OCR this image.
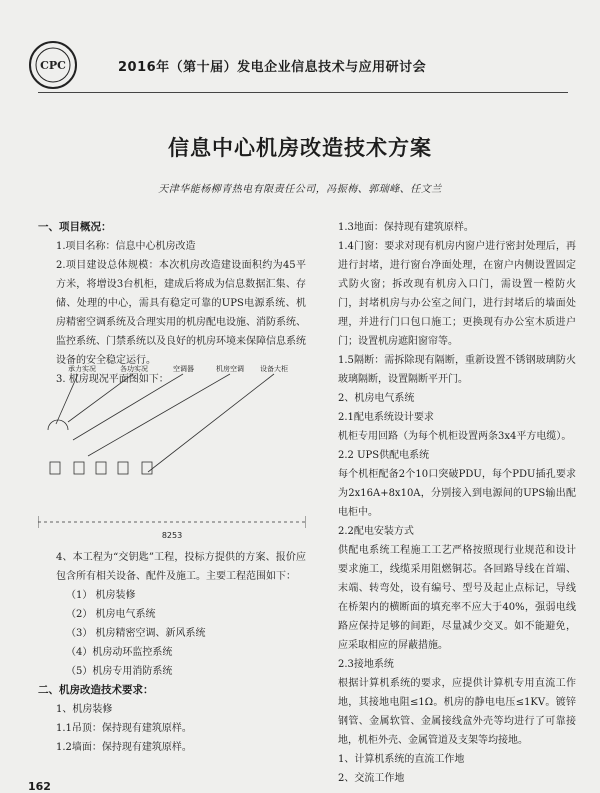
CPC	2016年（第十届）发电企业信息技术与应用研讨会
信息中心机房改造技术方案
天津华能杨柳青热电有限责任公司，冯振梅、郭瑞峰、任文兰
一、项目概况：
1.项目名称：信息中心机房改造
2.项目建设总体规模：本次机房改造建设面积约为45平方米，将增设3台机柜，建成后将成为信息数据汇集、存储、处理的中心，需具有稳定可靠的UPS电源系统、机房精密空调系统及合理实用的机房配电设施、消防系统、监控系统、门禁系统以及良好的机房环境来保障信息系统设备的安全稳定运行。
3. 机房现况平面图如下：
承力实况	各功实况	空调器	机房空调 设备大柜
8253
4、本工程为“交钥匙”工程，投标方提供的方案、报价应包含所有相关设备、配件及施工。主要工程范围如下：
（1） 机房装修
（2） 机房电气系统
（3） 机房精密空调、新风系统
（4）机房动环监控系统
（5）机房专用消防系统
二、机房改造技术要求：
1、机房装修
1.1吊顶：保持现有建筑原样。
1.2墙面：保持现有建筑原样。
1.3地面：保持现有建筑原样。
1.4门窗：要求对现有机房内窗户进行密封处理后，再进行封堵，进行窗台净面处理，在窗户内侧设置固定式防火窗；拆改现有机房入口门，需设置一樘防火门，封堵机房与办公室之间门，进行封堵后的墙面处理，并进行门口包口施工；更换现有办公室木质进户门；设置机房遮阳窗帘等。
1.5隔断：需拆除现有隔断，重新设置不锈钢玻璃防火玻璃隔断，设置隔断平开门。
2、机房电气系统
2.1配电系统设计要求
机柜专用回路（为每个机柜设置两条3x4平方电缆）。
2.2 UPS供配电系统
每个机柜配备2个10口突破PDU，每个PDU插孔要求为2x16A+8x10A，分别接入到电源间的UPS输出配电柜中。
2.2配电安装方式
供配电系统工程施工工艺严格按照现行业规范和设计要求施工，线缆采用阻燃铜芯。各回路导线在首端、末端、转弯处，设有编号、型号及起止点标记，导线在桥架内的横断面的填充率不应大于40%，强弱电线路应保持足够的间距，尽量减少交叉。如不能避免，应采取相应的屏蔽措施。
2.3接地系统
根据计算机系统的要求，应提供计算机专用直流工作地，其接地电阻≤1Ω。机房的静电电压≤1KV。镀锌钢管、金属软管、金属接线盒外壳等均进行了可靠接地，机柜外壳、金属管道及支架等均接地。
1、计算机系统的直流工作地
2、交流工作地
162
